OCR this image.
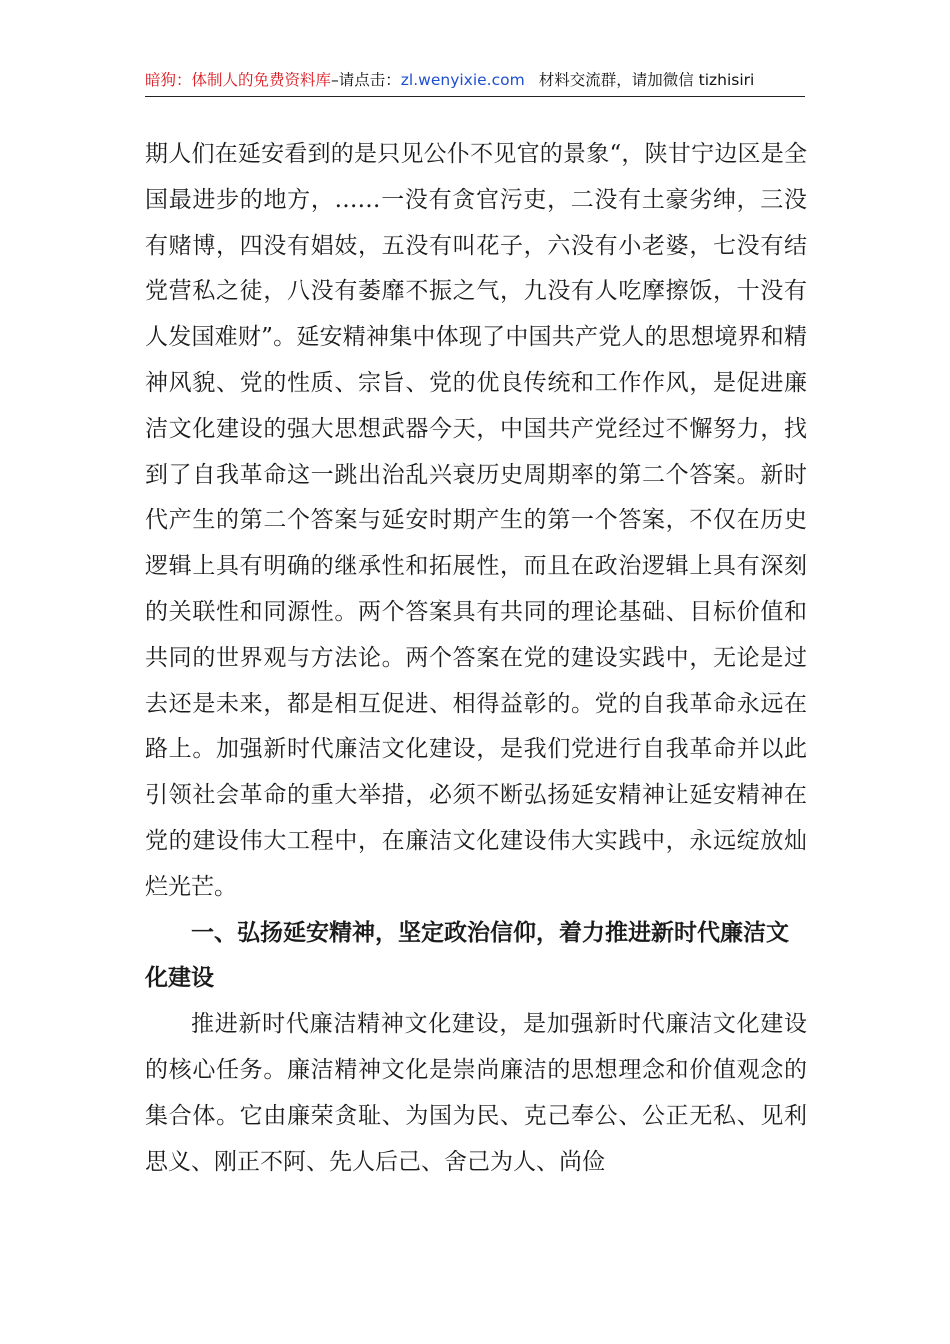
暗狗：体制人的免费资料库–请点击：zl.wenyixie.com 材料交流群，请加微信 tizhisiri

期人们在延安看到的是只见公仆不见官的景象“，陕甘宁边区是全国最进步的地方，……一没有贪官污吏，二没有土豪劣绅，三没有赌博，四没有娼妓，五没有叫花子，六没有小老婆，七没有结党营私之徒，八没有萎靡不振之气，九没有人吃摩擦饭，十没有人发国难财”。延安精神集中体现了中国共产党人的思想境界和精神风貌、党的性质、宗旨、党的优良传统和工作作风，是促进廉洁文化建设的强大思想武器今天，中国共产党经过不懈努力，找到了自我革命这一跳出治乱兴衰历史周期率的第二个答案。新时代产生的第二个答案与延安时期产生的第一个答案，不仅在历史逻辑上具有明确的继承性和拓展性，而且在政治逻辑上具有深刻的关联性和同源性。两个答案具有共同的理论基础、目标价值和共同的世界观与方法论。两个答案在党的建设实践中，无论是过去还是未来，都是相互促进、相得益彰的。党的自我革命永远在路上。加强新时代廉洁文化建设，是我们党进行自我革命并以此引领社会革命的重大举措，必须不断弘扬延安精神让延安精神在党的建设伟大工程中，在廉洁文化建设伟大实践中，永远绽放灿烂光芒。

一、弘扬延安精神，坚定政治信仰，着力推进新时代廉洁文化建设

推进新时代廉洁精神文化建设，是加强新时代廉洁文化建设的核心任务。廉洁精神文化是崇尚廉洁的思想理念和价值观念的集合体。它由廉荣贪耻、为国为民、克己奉公、公正无私、见利思义、刚正不阿、先人后己、舍己为人、尚俭
